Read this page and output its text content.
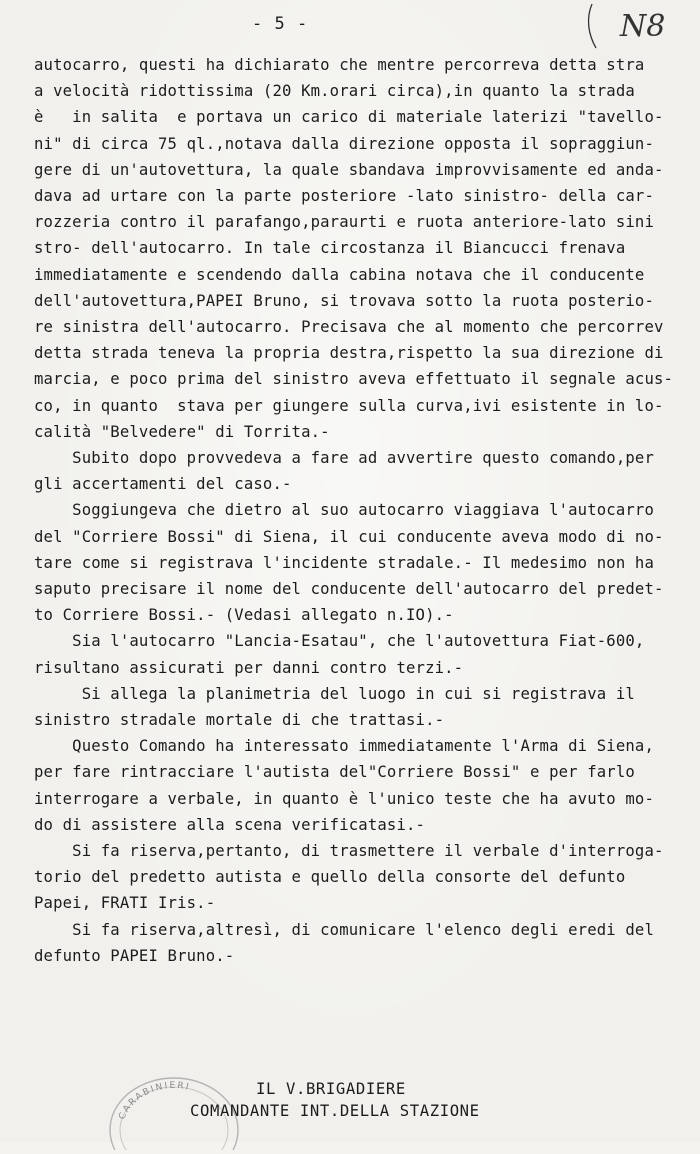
- 5 -	N8
autocarro, questi ha dichiarato che mentre percorreva detta stra
a velocità ridottissima (20 Km.orari circa),in quanto la strada
è   in salita  e portava un carico di materiale laterizi "tavello-
ni" di circa 75 ql.,notava dalla direzione opposta il sopraggiun-
gere di un'autovettura, la quale sbandava improvvisamente ed anda-
dava ad urtare con la parte posteriore -lato sinistro- della car-
rozzeria contro il parafango,paraurti e ruota anteriore-lato sini
stro- dell'autocarro. In tale circostanza il Biancucci frenava
immediatamente e scendendo dalla cabina notava che il conducente
dell'autovettura,PAPEI Bruno, si trovava sotto la ruota posterio-
re sinistra dell'autocarro. Precisava che al momento che percorrev
detta strada teneva la propria destra,rispetto la sua direzione di
marcia, e poco prima del sinistro aveva effettuato il segnale acus-
co, in quanto  stava per giungere sulla curva,ivi esistente in lo-
calità "Belvedere" di Torrita.-
Subito dopo provvedeva a fare ad avvertire questo comando,per
gli accertamenti del caso.-
Soggiungeva che dietro al suo autocarro viaggiava l'autocarro
del "Corriere Bossi" di Siena, il cui conducente aveva modo di no-
tare come si registrava l'incidente stradale.- Il medesimo non ha
saputo precisare il nome del conducente dell'autocarro del predet-
to Corriere Bossi.- (Vedasi allegato n.IO).-
Sia l'autocarro "Lancia-Esatau", che l'autovettura Fiat-600,
risultano assicurati per danni contro terzi.-
Si allega la planimetria del luogo in cui si registrava il
sinistro stradale mortale di che trattasi.-
Questo Comando ha interessato immediatamente l'Arma di Siena,
per fare rintracciare l'autista del"Corriere Bossi" e per farlo
interrogare a verbale, in quanto è l'unico teste che ha avuto mo-
do di assistere alla scena verificatasi.-
Si fa riserva,pertanto, di trasmettere il verbale d'interroga-
torio del predetto autista e quello della consorte del defunto
Papei, FRATI Iris.-
Si fa riserva,altresì, di comunicare l'elenco degli eredi del
defunto PAPEI Bruno.-
CARABINIERI	IL V.BRIGADIERE
COMANDANTE INT.DELLA STAZIONE
